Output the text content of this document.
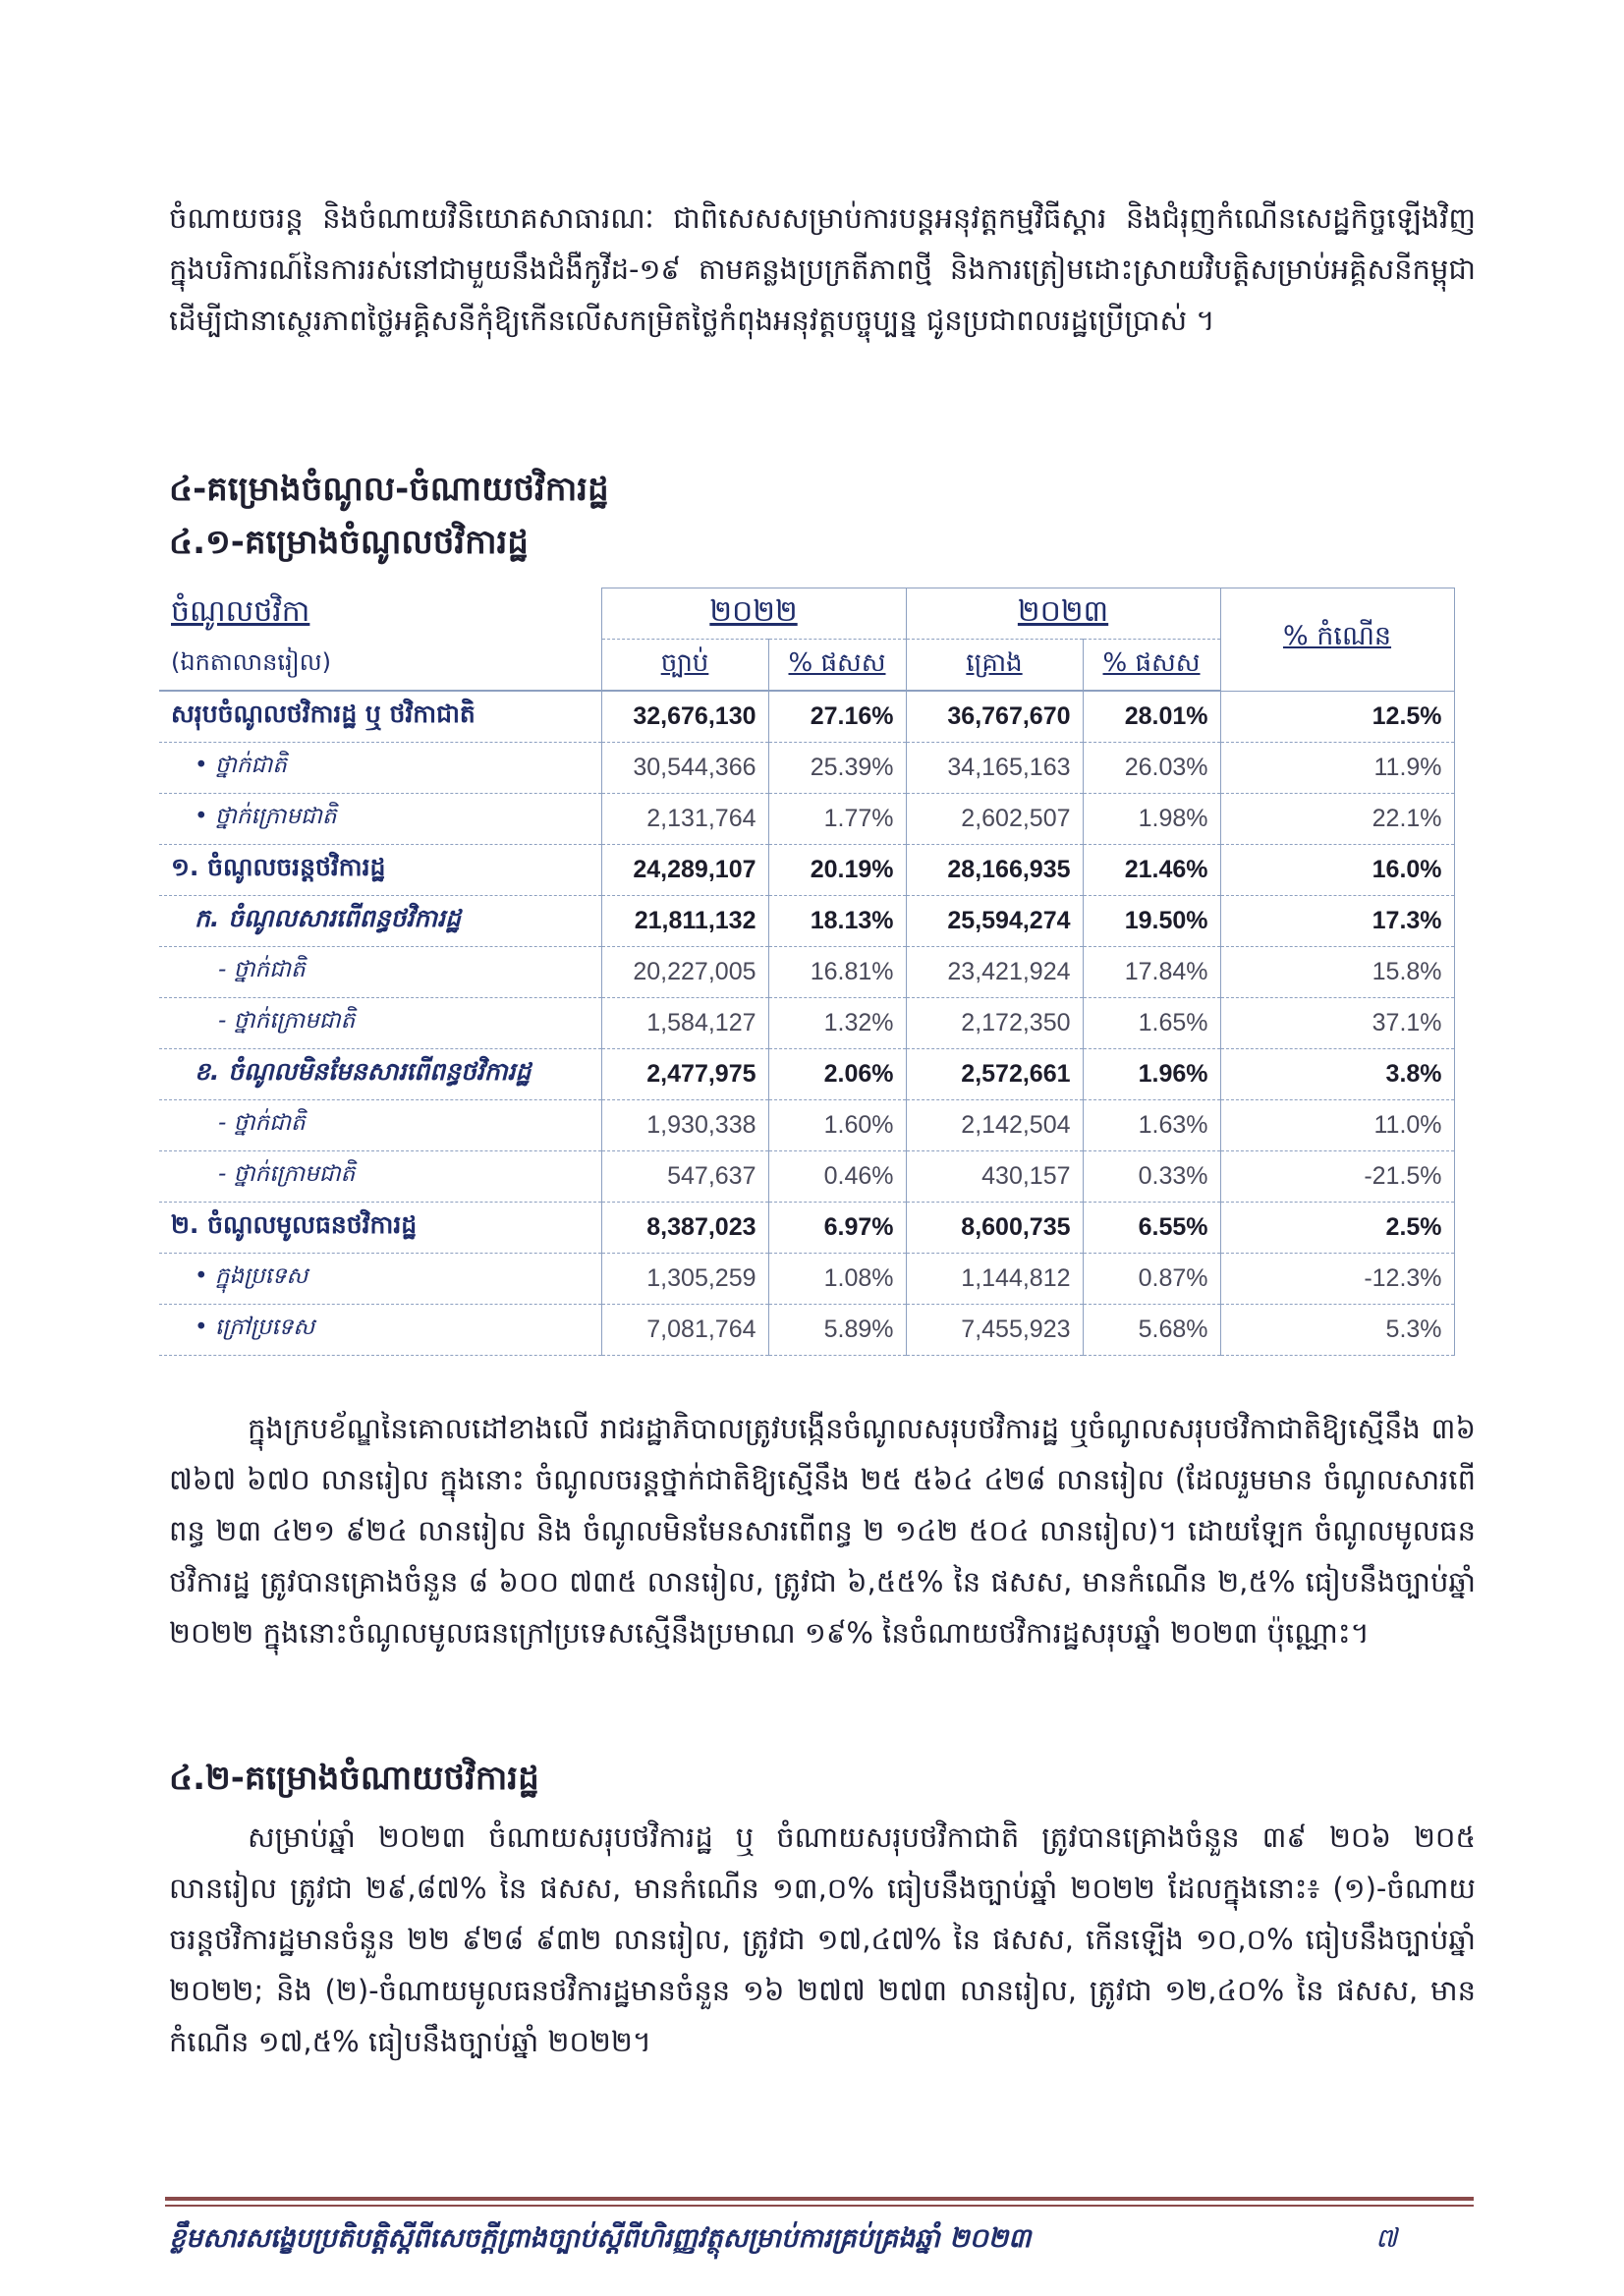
ចំណាយចរន្ត និងចំណាយវិនិយោគសាធារណៈ ជាពិសេសសម្រាប់ការបន្តអនុវត្តកម្មវិធីស្តារ និងជំរុញកំណើនសេដ្ឋកិច្ចឡើងវិញក្នុងបរិការណ៍នៃការរស់នៅជាមួយនឹងជំងឺកូវីដ-១៩ តាមគន្លងប្រក្រតីភាពថ្មី និងការត្រៀមដោះស្រាយវិបត្តិសម្រាប់អគ្គិសនីកម្ពុជា ដើម្បីជានាស្ថេរភាពថ្លៃអគ្គិសនីកុំឱ្យកើនលើសកម្រិតថ្លៃកំពុងអនុវត្តបច្ចុប្បន្ន ជូនប្រជាពលរដ្ឋប្រើប្រាស់ ។
៤-គម្រោងចំណូល-ចំណាយថវិការដ្ឋ
៤.១-គម្រោងចំណូលថវិការដ្ឋ
ចំណូលថវិកា	២០២២		២០២៣		% កំណើន
(ឯកតាលានរៀល)	ច្បាប់	% ផសស	គ្រោង	% ផសស	
សរុបចំណូលថវិការដ្ឋ ឬ ថវិកាជាតិ	32,676,130	27.16%	36,767,670	28.01%	12.5%
• ថ្នាក់ជាតិ	30,544,366	25.39%	34,165,163	26.03%	11.9%
• ថ្នាក់ក្រោមជាតិ	2,131,764	1.77%	2,602,507	1.98%	22.1%
១. ចំណូលចរន្តថវិការដ្ឋ	24,289,107	20.19%	28,166,935	21.46%	16.0%
ក. ចំណូលសារពើពន្ធថវិការដ្ឋ	21,811,132	18.13%	25,594,274	19.50%	17.3%
- ថ្នាក់ជាតិ	20,227,005	16.81%	23,421,924	17.84%	15.8%
- ថ្នាក់ក្រោមជាតិ	1,584,127	1.32%	2,172,350	1.65%	37.1%
ខ. ចំណូលមិនមែនសារពើពន្ធថវិការដ្ឋ	2,477,975	2.06%	2,572,661	1.96%	3.8%
- ថ្នាក់ជាតិ	1,930,338	1.60%	2,142,504	1.63%	11.0%
- ថ្នាក់ក្រោមជាតិ	547,637	0.46%	430,157	0.33%	-21.5%
២. ចំណូលមូលធនថវិការដ្ឋ	8,387,023	6.97%	8,600,735	6.55%	2.5%
• ក្នុងប្រទេស	1,305,259	1.08%	1,144,812	0.87%	-12.3%
• ក្រៅប្រទេស	7,081,764	5.89%	7,455,923	5.68%	5.3%
ក្នុងក្របខ័ណ្ឌនៃគោលដៅខាងលើ រាជរដ្ឋាភិបាលត្រូវបង្កើនចំណូលសរុបថវិការដ្ឋ ឬចំណូលសរុបថវិកាជាតិឱ្យស្មើនឹង ៣៦ ៧៦៧ ៦៧០ លានរៀល ក្នុងនោះ ចំណូលចរន្តថ្នាក់ជាតិឱ្យស្មើនឹង ២៥ ៥៦៤ ៤២៨ លានរៀល (ដែលរួមមាន ចំណូលសារពើពន្ធ ២៣ ៤២១ ៩២៤ លានរៀល និង ចំណូលមិនមែនសារពើពន្ធ ២ ១៤២ ៥០៤ លានរៀល)។ ដោយឡែក ចំណូលមូលធនថវិការដ្ឋ ត្រូវបានគ្រោងចំនួន ៨ ៦០០ ៧៣៥ លានរៀល, ត្រូវជា ៦,៥៥% នៃ ផសស, មានកំណើន ២,៥% ធៀបនឹងច្បាប់ឆ្នាំ ២០២២ ក្នុងនោះចំណូលមូលធនក្រៅប្រទេសស្មើនឹងប្រមាណ ១៩% នៃចំណាយថវិការដ្ឋសរុបឆ្នាំ ២០២៣ ប៉ុណ្ណោះ។
៤.២-គម្រោងចំណាយថវិការដ្ឋ
សម្រាប់ឆ្នាំ ២០២៣ ចំណាយសរុបថវិការដ្ឋ ឬ ចំណាយសរុបថវិកាជាតិ ត្រូវបានគ្រោងចំនួន ៣៩ ២០៦ ២០៥ លានរៀល ត្រូវជា ២៩,៨៧% នៃ ផសស, មានកំណើន ១៣,០% ធៀបនឹងច្បាប់ឆ្នាំ ២០២២ ដែលក្នុងនោះ៖ (១)-ចំណាយចរន្តថវិការដ្ឋមានចំនួន ២២ ៩២៨ ៩៣២ លានរៀល, ត្រូវជា ១៧,៤៧% នៃ ផសស, កើនឡើង ១០,០% ធៀបនឹងច្បាប់ឆ្នាំ ២០២២; និង (២)-ចំណាយមូលធនថវិការដ្ឋមានចំនួន ១៦ ២៧៧ ២៧៣ លានរៀល, ត្រូវជា ១២,៤០% នៃ ផសស, មានកំណើន ១៧,៥% ធៀបនឹងច្បាប់ឆ្នាំ ២០២២។
ខ្លឹមសារសង្ខេបប្រតិបត្តិស្តីពីសេចក្តីព្រាងច្បាប់ស្តីពីហិរញ្ញវត្ថុសម្រាប់ការគ្រប់គ្រងឆ្នាំ ២០២៣	៧
